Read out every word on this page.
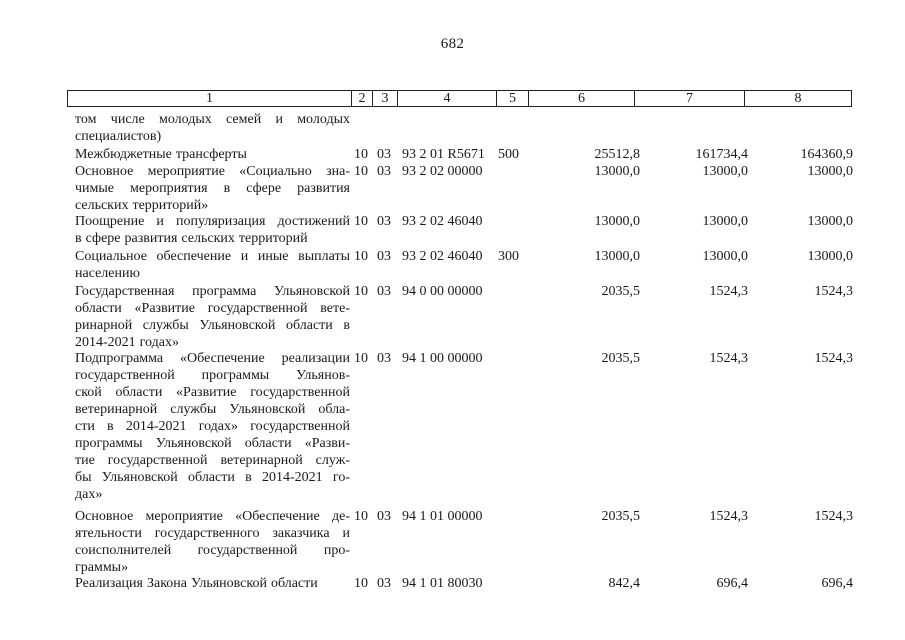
682
1	2	3	4	5	6	7	8
том числе молодых семей и молодых
специалистов)
Межбюджетные трансферты	10 03 93 2 01 R5671 500	25512,8	161734,4	164360,9
Основное мероприятие «Социально зна-
чимые мероприятия в сфере развития
сельских территорий»
10 03 93 2 02 00000	13000,0	13000,0	13000,0
Поощрение и популяризация достижений
в сфере развития сельских территорий
10 03 93 2 02 46040	13000,0	13000,0	13000,0
Социальное обеспечение и иные выплаты
населению
10 03 93 2 02 46040 300	13000,0	13000,0	13000,0
Государственная программа Ульяновской
области «Развитие государственной вете-
ринарной службы Ульяновской области в
2014-2021 годах»
10 03 94 0 00 00000	2035,5	1524,3	1524,3
Подпрограмма «Обеспечение реализации
государственной программы Ульянов-
ской области «Развитие государственной
ветеринарной службы Ульяновской обла-
сти в 2014-2021 годах» государственной
программы Ульяновской области «Разви-
тие государственной ветеринарной служ-
бы Ульяновской области в 2014-2021 го-
дах»
10 03 94 1 00 00000	2035,5	1524,3	1524,3
Основное мероприятие «Обеспечение де-
ятельности государственного заказчика и
соисполнителей государственной про-
граммы»
10 03 94 1 01 00000	2035,5	1524,3	1524,3
Реализация Закона Ульяновской области	10 03 94 1 01 80030	842,4	696,4	696,4
